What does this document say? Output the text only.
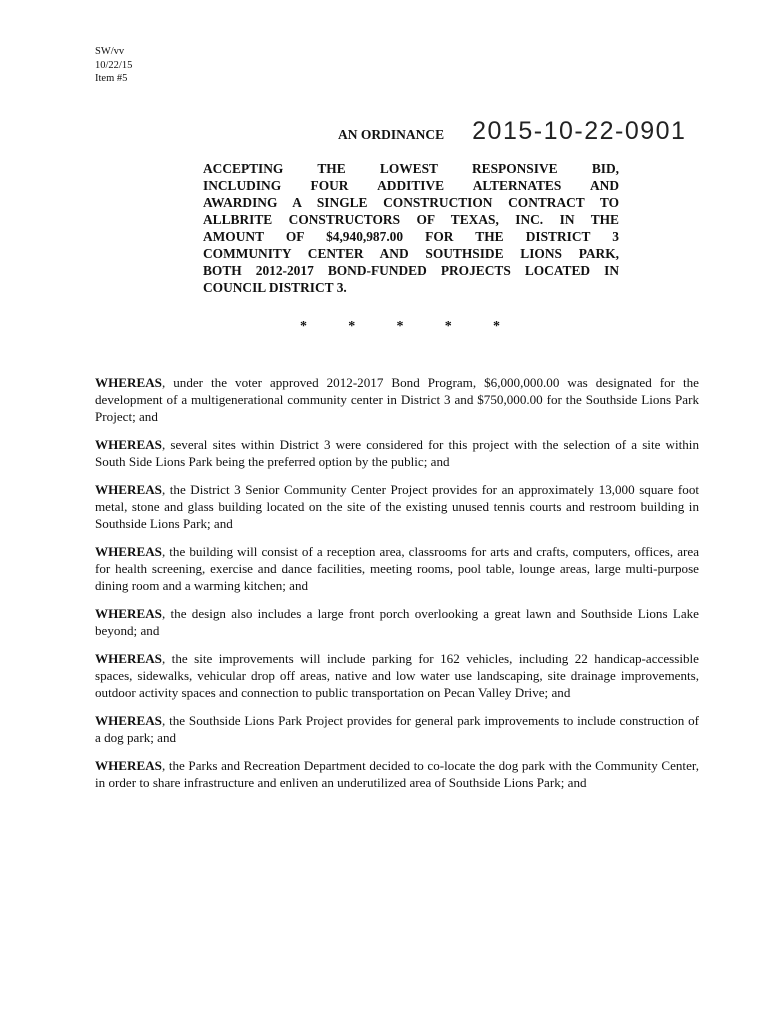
SW/vv
10/22/15
Item #5
AN ORDINANCE 2015-10-22-0901
ACCEPTING THE LOWEST RESPONSIVE BID,
INCLUDING FOUR ADDITIVE ALTERNATES AND
AWARDING A SINGLE CONSTRUCTION CONTRACT TO
ALLBRITE CONSTRUCTORS OF TEXAS, INC. IN THE
AMOUNT OF $4,940,987.00 FOR THE DISTRICT 3
COMMUNITY CENTER AND SOUTHSIDE LIONS PARK,
BOTH 2012-2017 BOND-FUNDED PROJECTS LOCATED IN
COUNCIL DISTRICT 3.
*	*	*	*	*

WHEREAS, under the voter approved 2012-2017 Bond Program, $6,000,000.00 was designated for the development of a multigenerational community center in District 3 and $750,000.00 for the Southside Lions Park Project; and

WHEREAS, several sites within District 3 were considered for this project with the selection of a site within South Side Lions Park being the preferred option by the public; and

WHEREAS, the District 3 Senior Community Center Project provides for an approximately 13,000 square foot metal, stone and glass building located on the site of the existing unused tennis courts and restroom building in Southside Lions Park; and

WHEREAS, the building will consist of a reception area, classrooms for arts and crafts, computers, offices, area for health screening, exercise and dance facilities, meeting rooms, pool table, lounge areas, large multi-purpose dining room and a warming kitchen; and

WHEREAS, the design also includes a large front porch overlooking a great lawn and Southside Lions Lake beyond; and

WHEREAS, the site improvements will include parking for 162 vehicles, including 22 handicap-accessible spaces, sidewalks, vehicular drop off areas, native and low water use landscaping, site drainage improvements, outdoor activity spaces and connection to public transportation on Pecan Valley Drive; and

WHEREAS, the Southside Lions Park Project provides for general park improvements to include construction of a dog park; and

WHEREAS, the Parks and Recreation Department decided to co-locate the dog park with the Community Center, in order to share infrastructure and enliven an underutilized area of Southside Lions Park; and
